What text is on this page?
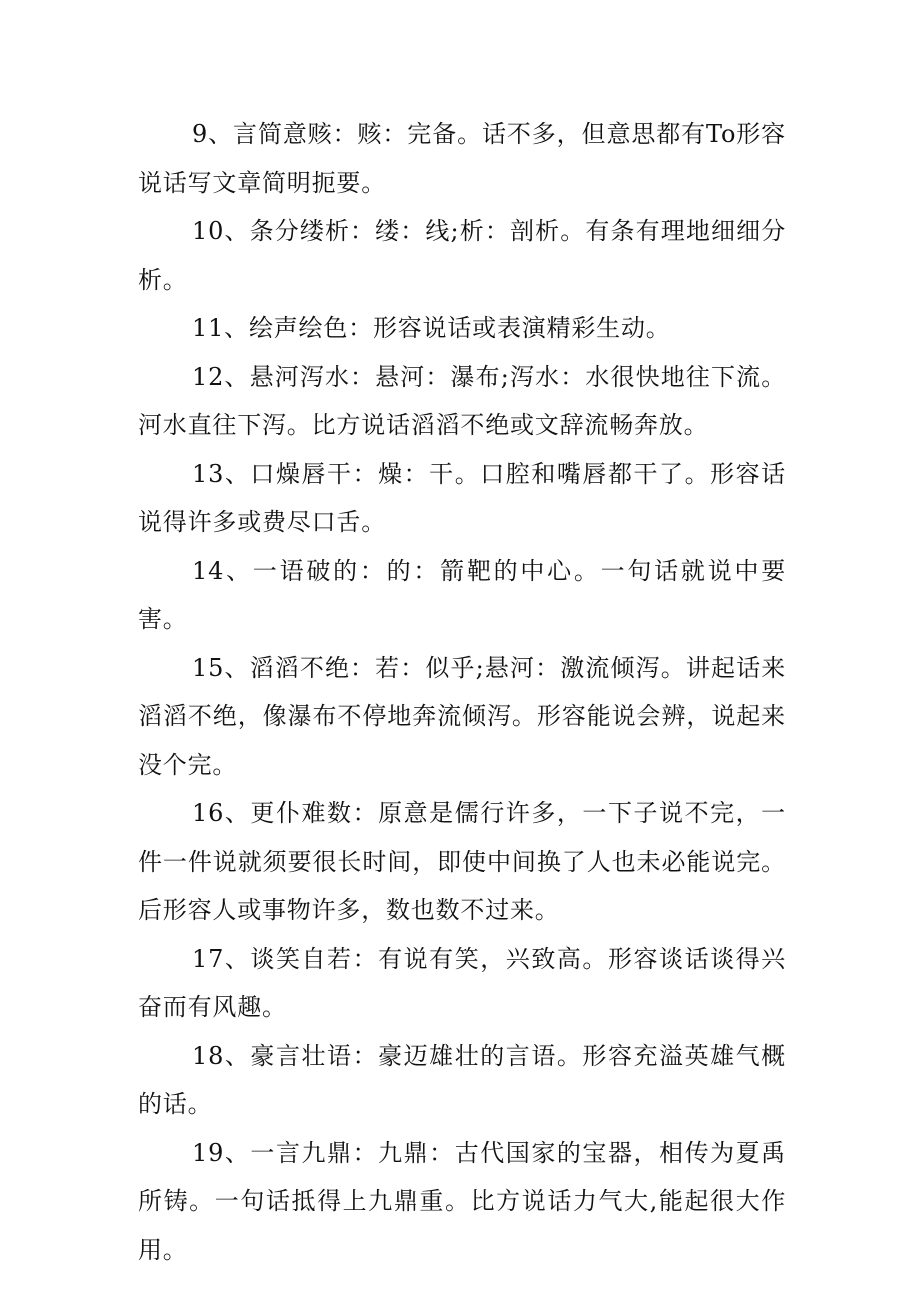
9、言简意赅：赅：完备。话不多，但意思都有To形容说话写文章简明扼要。

10、条分缕析：缕：线;析：剖析。有条有理地细细分析。

11、绘声绘色：形容说话或表演精彩生动。

12、悬河泻水：悬河：瀑布;泻水：水很快地往下流。河水直往下泻。比方说话滔滔不绝或文辞流畅奔放。

13、口燥唇干：燥：干。口腔和嘴唇都干了。形容话说得许多或费尽口舌。

14、一语破的：的：箭靶的中心。一句话就说中要害。

15、滔滔不绝：若：似乎;悬河：激流倾泻。讲起话来滔滔不绝，像瀑布不停地奔流倾泻。形容能说会辨，说起来没个完。

16、更仆难数：原意是儒行许多，一下子说不完，一件一件说就须要很长时间，即使中间换了人也未必能说完。后形容人或事物许多，数也数不过来。

17、谈笑自若：有说有笑，兴致高。形容谈话谈得兴奋而有风趣。

18、豪言壮语：豪迈雄壮的言语。形容充溢英雄气概的话。

19、一言九鼎：九鼎：古代国家的宝器，相传为夏禹所铸。一句话抵得上九鼎重。比方说话力气大,能起很大作用。
